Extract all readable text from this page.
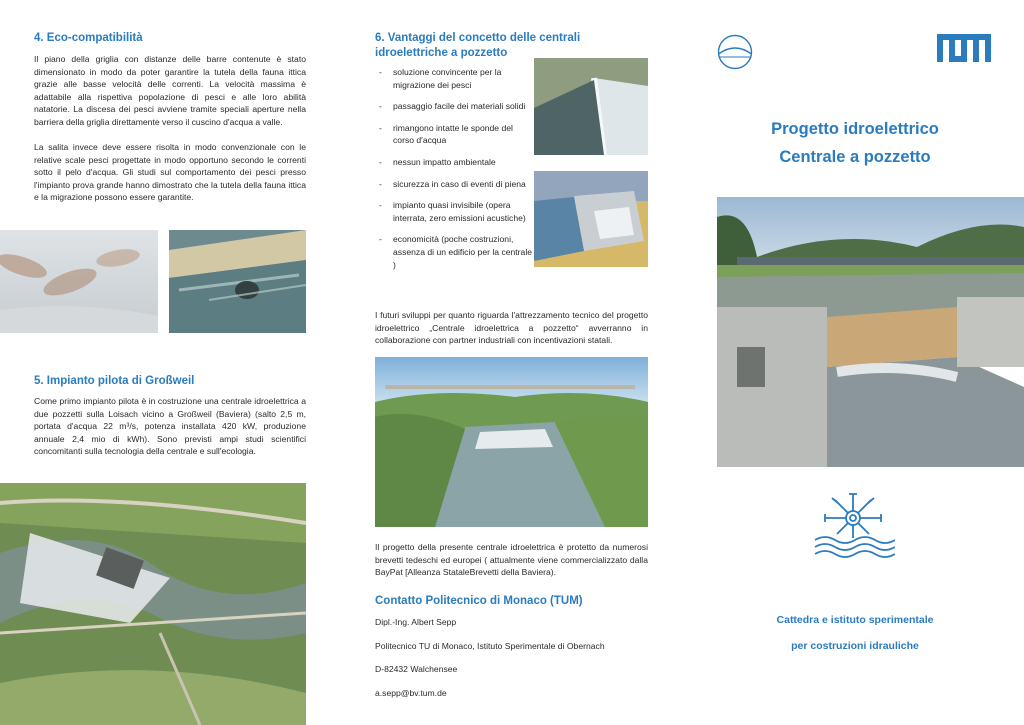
4. Eco-compatibilità

Il piano della griglia con distanze delle barre contenute è stato dimensionato in modo da poter garantire la tutela della fauna ittica grazie alle basse velocità delle correnti. La velocità massima è adattabile alla rispettiva popolazione di pesci e alle loro abilità natatorie. La discesa dei pesci avviene tramite speciali aperture nella barriera della griglia direttamente verso il cuscino d'acqua a valle.

La salita invece deve essere risolta in modo convenzionale con le relative scale pesci progettate in modo opportuno secondo le correnti sotto il pelo d'acqua. Gli studi sul comportamento dei pesci presso l'impianto prova grande hanno dimostrato che la tutela della fauna ittica e la migrazione possono essere garantite.

5. Impianto pilota di Großweil

Come primo impianto pilota è in costruzione una centrale idroelettrica a due pozzetti sulla Loisach vicino a Großweil (Baviera) (salto 2,5 m, portata d'acqua 22 m³/s, potenza installata 420 kW, produzione annuale 2,4 mio di kWh). Sono previsti ampi studi scientifici concomitanti sulla tecnologia della centrale e sull'ecologia.

6. Vantaggi del concetto delle centrali idroelettriche a pozzetto
- soluzione convincente per la migrazione dei pesci
- passaggio facile dei materiali solidi
- rimangono intatte le sponde del corso d'acqua
- nessun impatto ambientale
- sicurezza in caso di eventi di piena
- impianto quasi invisibile (opera interrata, zero emissioni acustiche)
- economicità (poche costruzioni, assenza di un edificio per la centrale )

I futuri sviluppi per quanto riguarda l'attrezzamento tecnico del progetto idroelettrico „Centrale idroelettrica a pozzetto“ avverranno in collaborazione con partner industriali con incentivazioni statali.

Il progetto della presente centrale idroelettrica è protetto da numerosi brevetti tedeschi ed europei ( attualmente viene commercializzato dalla BayPat [Alleanza StataleBrevetti della Baviera).

Contatto Politecnico di Monaco (TUM)

Dipl.-Ing. Albert Sepp

Politecnico TU di Monaco, Istituto Sperimentale di Obernach

D-82432 Walchensee

a.sepp@bv.tum.de

Progetto idroelettrico
Centrale a pozzetto
Cattedra e istituto sperimentale
per costruzioni idrauliche
